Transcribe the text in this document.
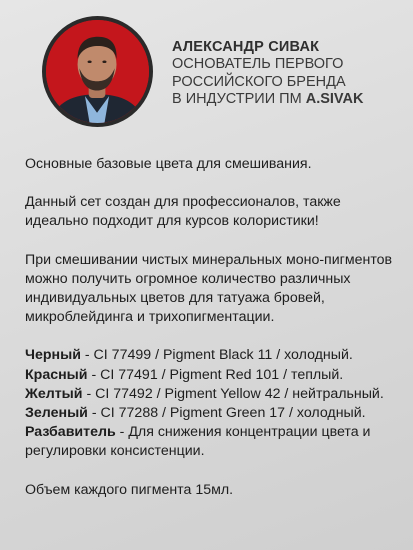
АЛЕКСАНДР СИВАК
ОСНОВАТЕЛЬ ПЕРВОГО
РОССИЙСКОГО БРЕНДА
В ИНДУСТРИИ ПМ A.SIVAK

Основные базовые цвета для смешивания.

Данный сет создан для профессионалов, также идеально подходит для курсов колористики!

При смешивании чистых минеральных моно-пигментов можно получить огромное количество различных индивидуальных цветов для татуажа бровей, микроблейдинга и трихопигментации.

Черный - CI 77499 / Pigment Black 11 / холодный.
Красный - CI 77491 / Pigment Red 101 / теплый.
Желтый - CI 77492 / Pigment Yellow 42 / нейтральный.
Зеленый - CI 77288 / Pigment Green 17 / холодный.
Разбавитель - Для снижения концентрации цвета и регулировки консистенции.

Объем каждого пигмента 15мл.
